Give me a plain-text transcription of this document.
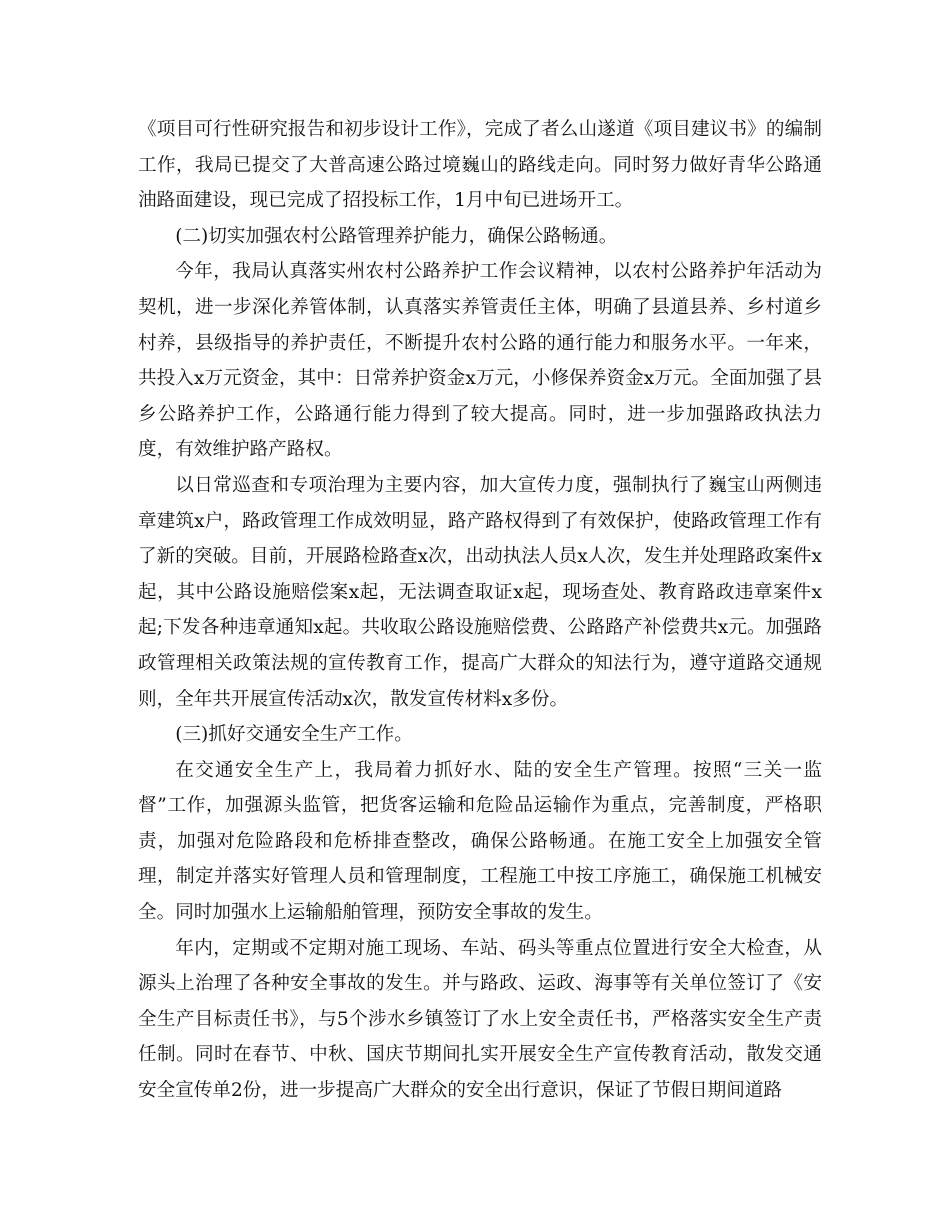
《项目可行性研究报告和初步设计工作》，完成了者么山遂道《项目建议书》的编制工作，我局已提交了大普高速公路过境巍山的路线走向。同时努力做好青华公路通油路面建设，现已完成了招投标工作，1月中旬已进场开工。

(二)切实加强农村公路管理养护能力，确保公路畅通。

今年，我局认真落实州农村公路养护工作会议精神，以农村公路养护年活动为契机，进一步深化养管体制，认真落实养管责任主体，明确了县道县养、乡村道乡村养，县级指导的养护责任，不断提升农村公路的通行能力和服务水平。一年来，共投入x万元资金，其中：日常养护资金x万元，小修保养资金x万元。全面加强了县乡公路养护工作，公路通行能力得到了较大提高。同时，进一步加强路政执法力度，有效维护路产路权。

以日常巡查和专项治理为主要内容，加大宣传力度，强制执行了巍宝山两侧违章建筑x户，路政管理工作成效明显，路产路权得到了有效保护，使路政管理工作有了新的突破。目前，开展路检路查x次，出动执法人员x人次，发生并处理路政案件x起，其中公路设施赔偿案x起，无法调查取证x起，现场查处、教育路政违章案件x起;下发各种违章通知x起。共收取公路设施赔偿费、公路路产补偿费共x元。加强路政管理相关政策法规的宣传教育工作，提高广大群众的知法行为，遵守道路交通规则，全年共开展宣传活动x次，散发宣传材料x多份。

(三)抓好交通安全生产工作。

在交通安全生产上，我局着力抓好水、陆的安全生产管理。按照“三关一监督”工作，加强源头监管，把货客运输和危险品运输作为重点，完善制度，严格职责，加强对危险路段和危桥排查整改，确保公路畅通。在施工安全上加强安全管理，制定并落实好管理人员和管理制度，工程施工中按工序施工，确保施工机械安全。同时加强水上运输船舶管理，预防安全事故的发生。

年内，定期或不定期对施工现场、车站、码头等重点位置进行安全大检查，从源头上治理了各种安全事故的发生。并与路政、运政、海事等有关单位签订了《安全生产目标责任书》，与5个涉水乡镇签订了水上安全责任书，严格落实安全生产责任制。同时在春节、中秋、国庆节期间扎实开展安全生产宣传教育活动，散发交通安全宣传单2份，进一步提高广大群众的安全出行意识，保证了节假日期间道路
